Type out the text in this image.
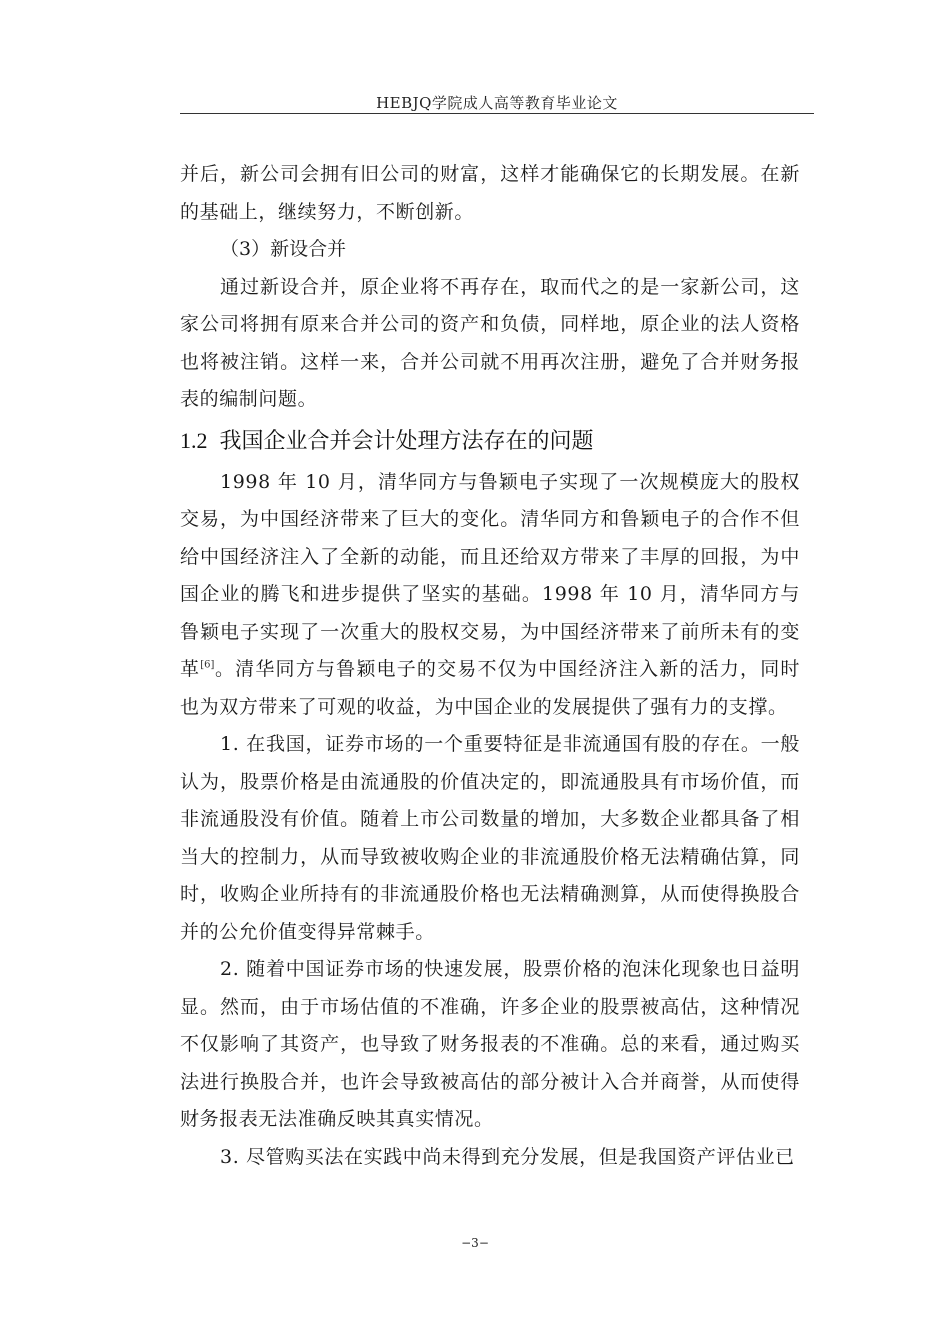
HEBJQ学院成人高等教育毕业论文

并后，新公司会拥有旧公司的财富，这样才能确保它的长期发展。在新的基础上，继续努力，不断创新。

（3）新设合并

通过新设合并，原企业将不再存在，取而代之的是一家新公司，这家公司将拥有原来合并公司的资产和负债，同样地，原企业的法人资格也将被注销。这样一来，合并公司就不用再次注册，避免了合并财务报表的编制问题。

1.2 我国企业合并会计处理方法存在的问题

1998 年 10 月，清华同方与鲁颖电子实现了一次规模庞大的股权交易，为中国经济带来了巨大的变化。清华同方和鲁颖电子的合作不但给中国经济注入了全新的动能，而且还给双方带来了丰厚的回报，为中国企业的腾飞和进步提供了坚实的基础。1998 年 10 月，清华同方与鲁颖电子实现了一次重大的股权交易，为中国经济带来了前所未有的变革[6]。清华同方与鲁颖电子的交易不仅为中国经济注入新的活力，同时也为双方带来了可观的收益，为中国企业的发展提供了强有力的支撑。

1. 在我国，证券市场的一个重要特征是非流通国有股的存在。一般认为，股票价格是由流通股的价值决定的，即流通股具有市场价值，而非流通股没有价值。随着上市公司数量的增加，大多数企业都具备了相当大的控制力，从而导致被收购企业的非流通股价格无法精确估算，同时，收购企业所持有的非流通股价格也无法精确测算，从而使得换股合并的公允价值变得异常棘手。

2. 随着中国证券市场的快速发展，股票价格的泡沫化现象也日益明显。然而，由于市场估值的不准确，许多企业的股票被高估，这种情况不仅影响了其资产，也导致了财务报表的不准确。总的来看，通过购买法进行换股合并，也许会导致被高估的部分被计入合并商誉，从而使得财务报表无法准确反映其真实情况。

3. 尽管购买法在实践中尚未得到充分发展，但是我国资产评估业已

−3−
